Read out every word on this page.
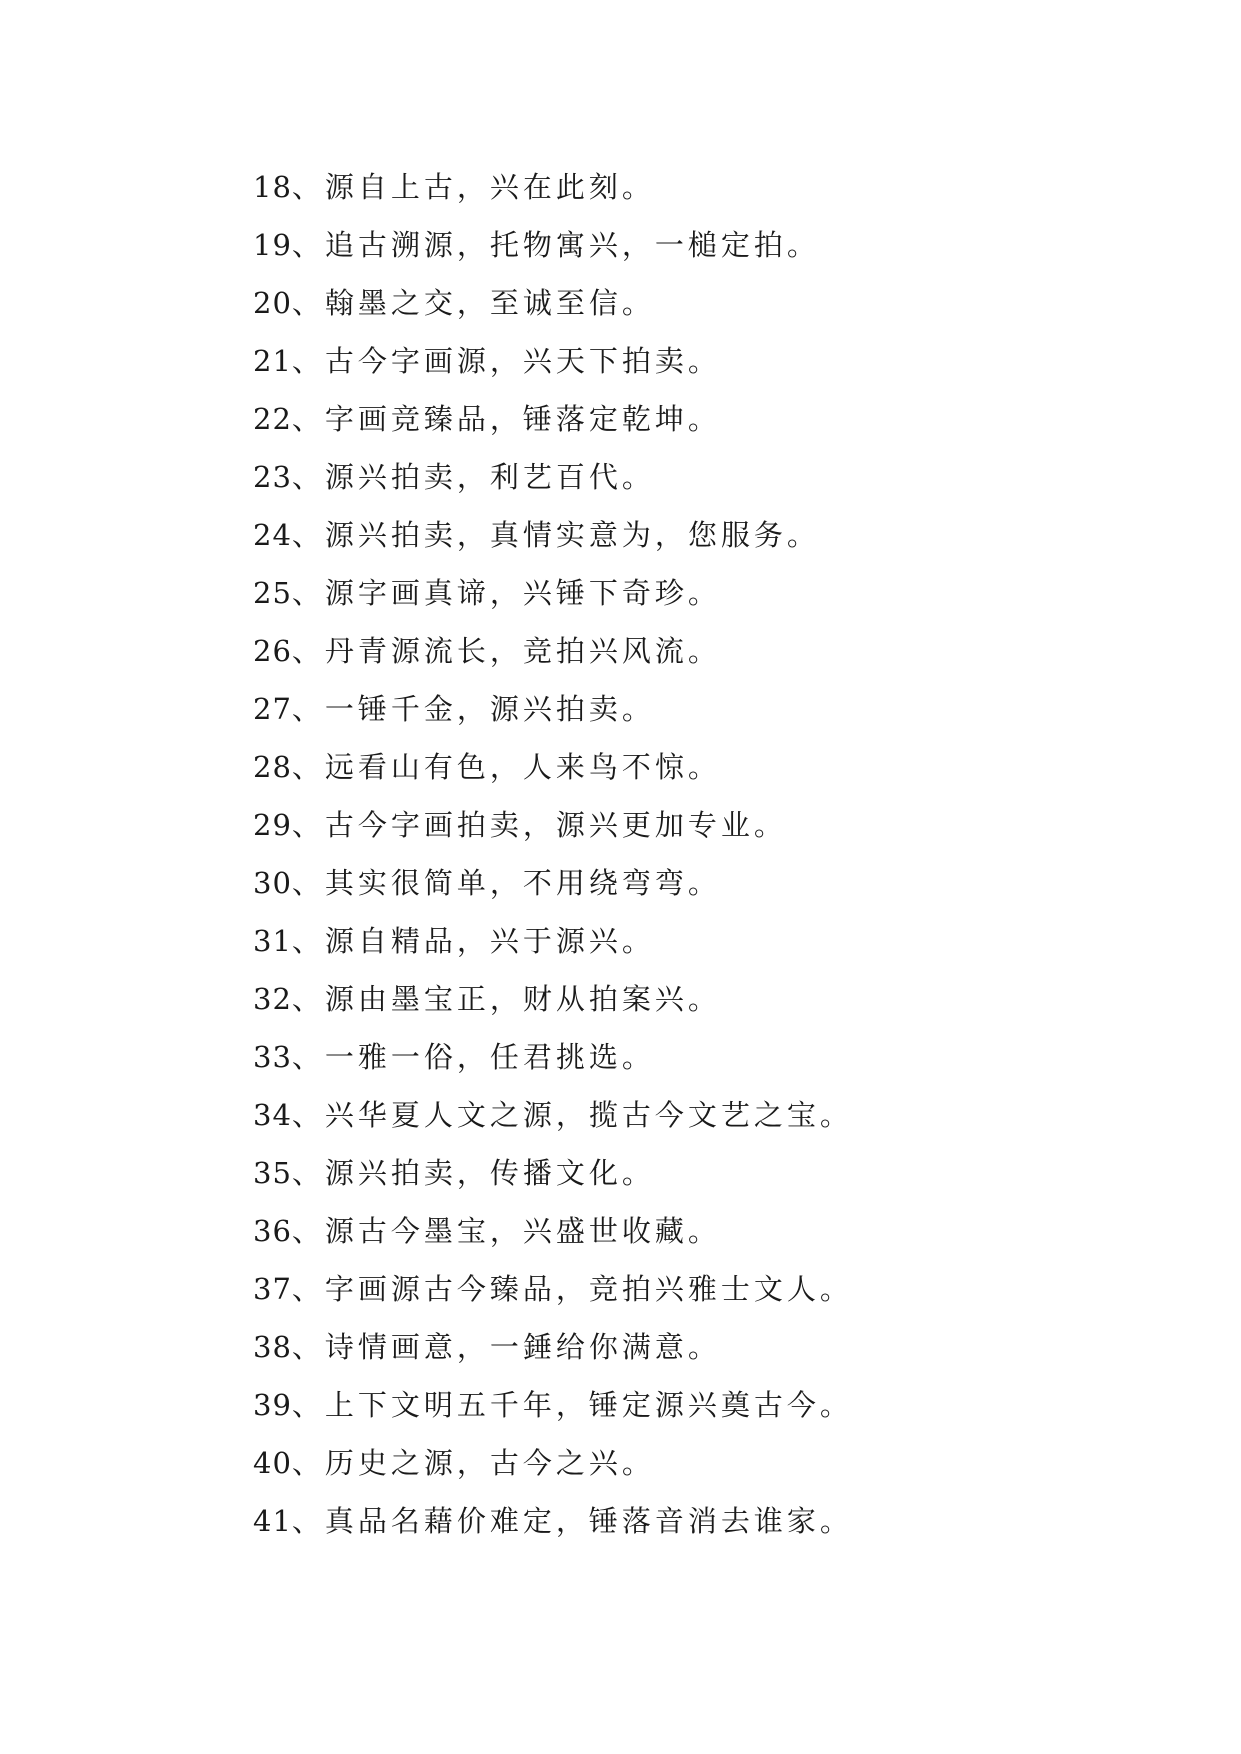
18、源自上古，兴在此刻。
19、追古溯源，托物寓兴，一槌定拍。
20、翰墨之交，至诚至信。
21、古今字画源，兴天下拍卖。
22、字画竞臻品，锤落定乾坤。
23、源兴拍卖，利艺百代。
24、源兴拍卖，真情实意为，您服务。
25、源字画真谛，兴锤下奇珍。
26、丹青源流长，竞拍兴风流。
27、一锤千金，源兴拍卖。
28、远看山有色，人来鸟不惊。
29、古今字画拍卖，源兴更加专业。
30、其实很简单，不用绕弯弯。
31、源自精品，兴于源兴。
32、源由墨宝正，财从拍案兴。
33、一雅一俗，任君挑选。
34、兴华夏人文之源，揽古今文艺之宝。
35、源兴拍卖，传播文化。
36、源古今墨宝，兴盛世收藏。
37、字画源古今臻品，竞拍兴雅士文人。
38、诗情画意，一錘给你满意。
39、上下文明五千年，锤定源兴奠古今。
40、历史之源，古今之兴。
41、真品名藉价难定，锤落音消去谁家。
